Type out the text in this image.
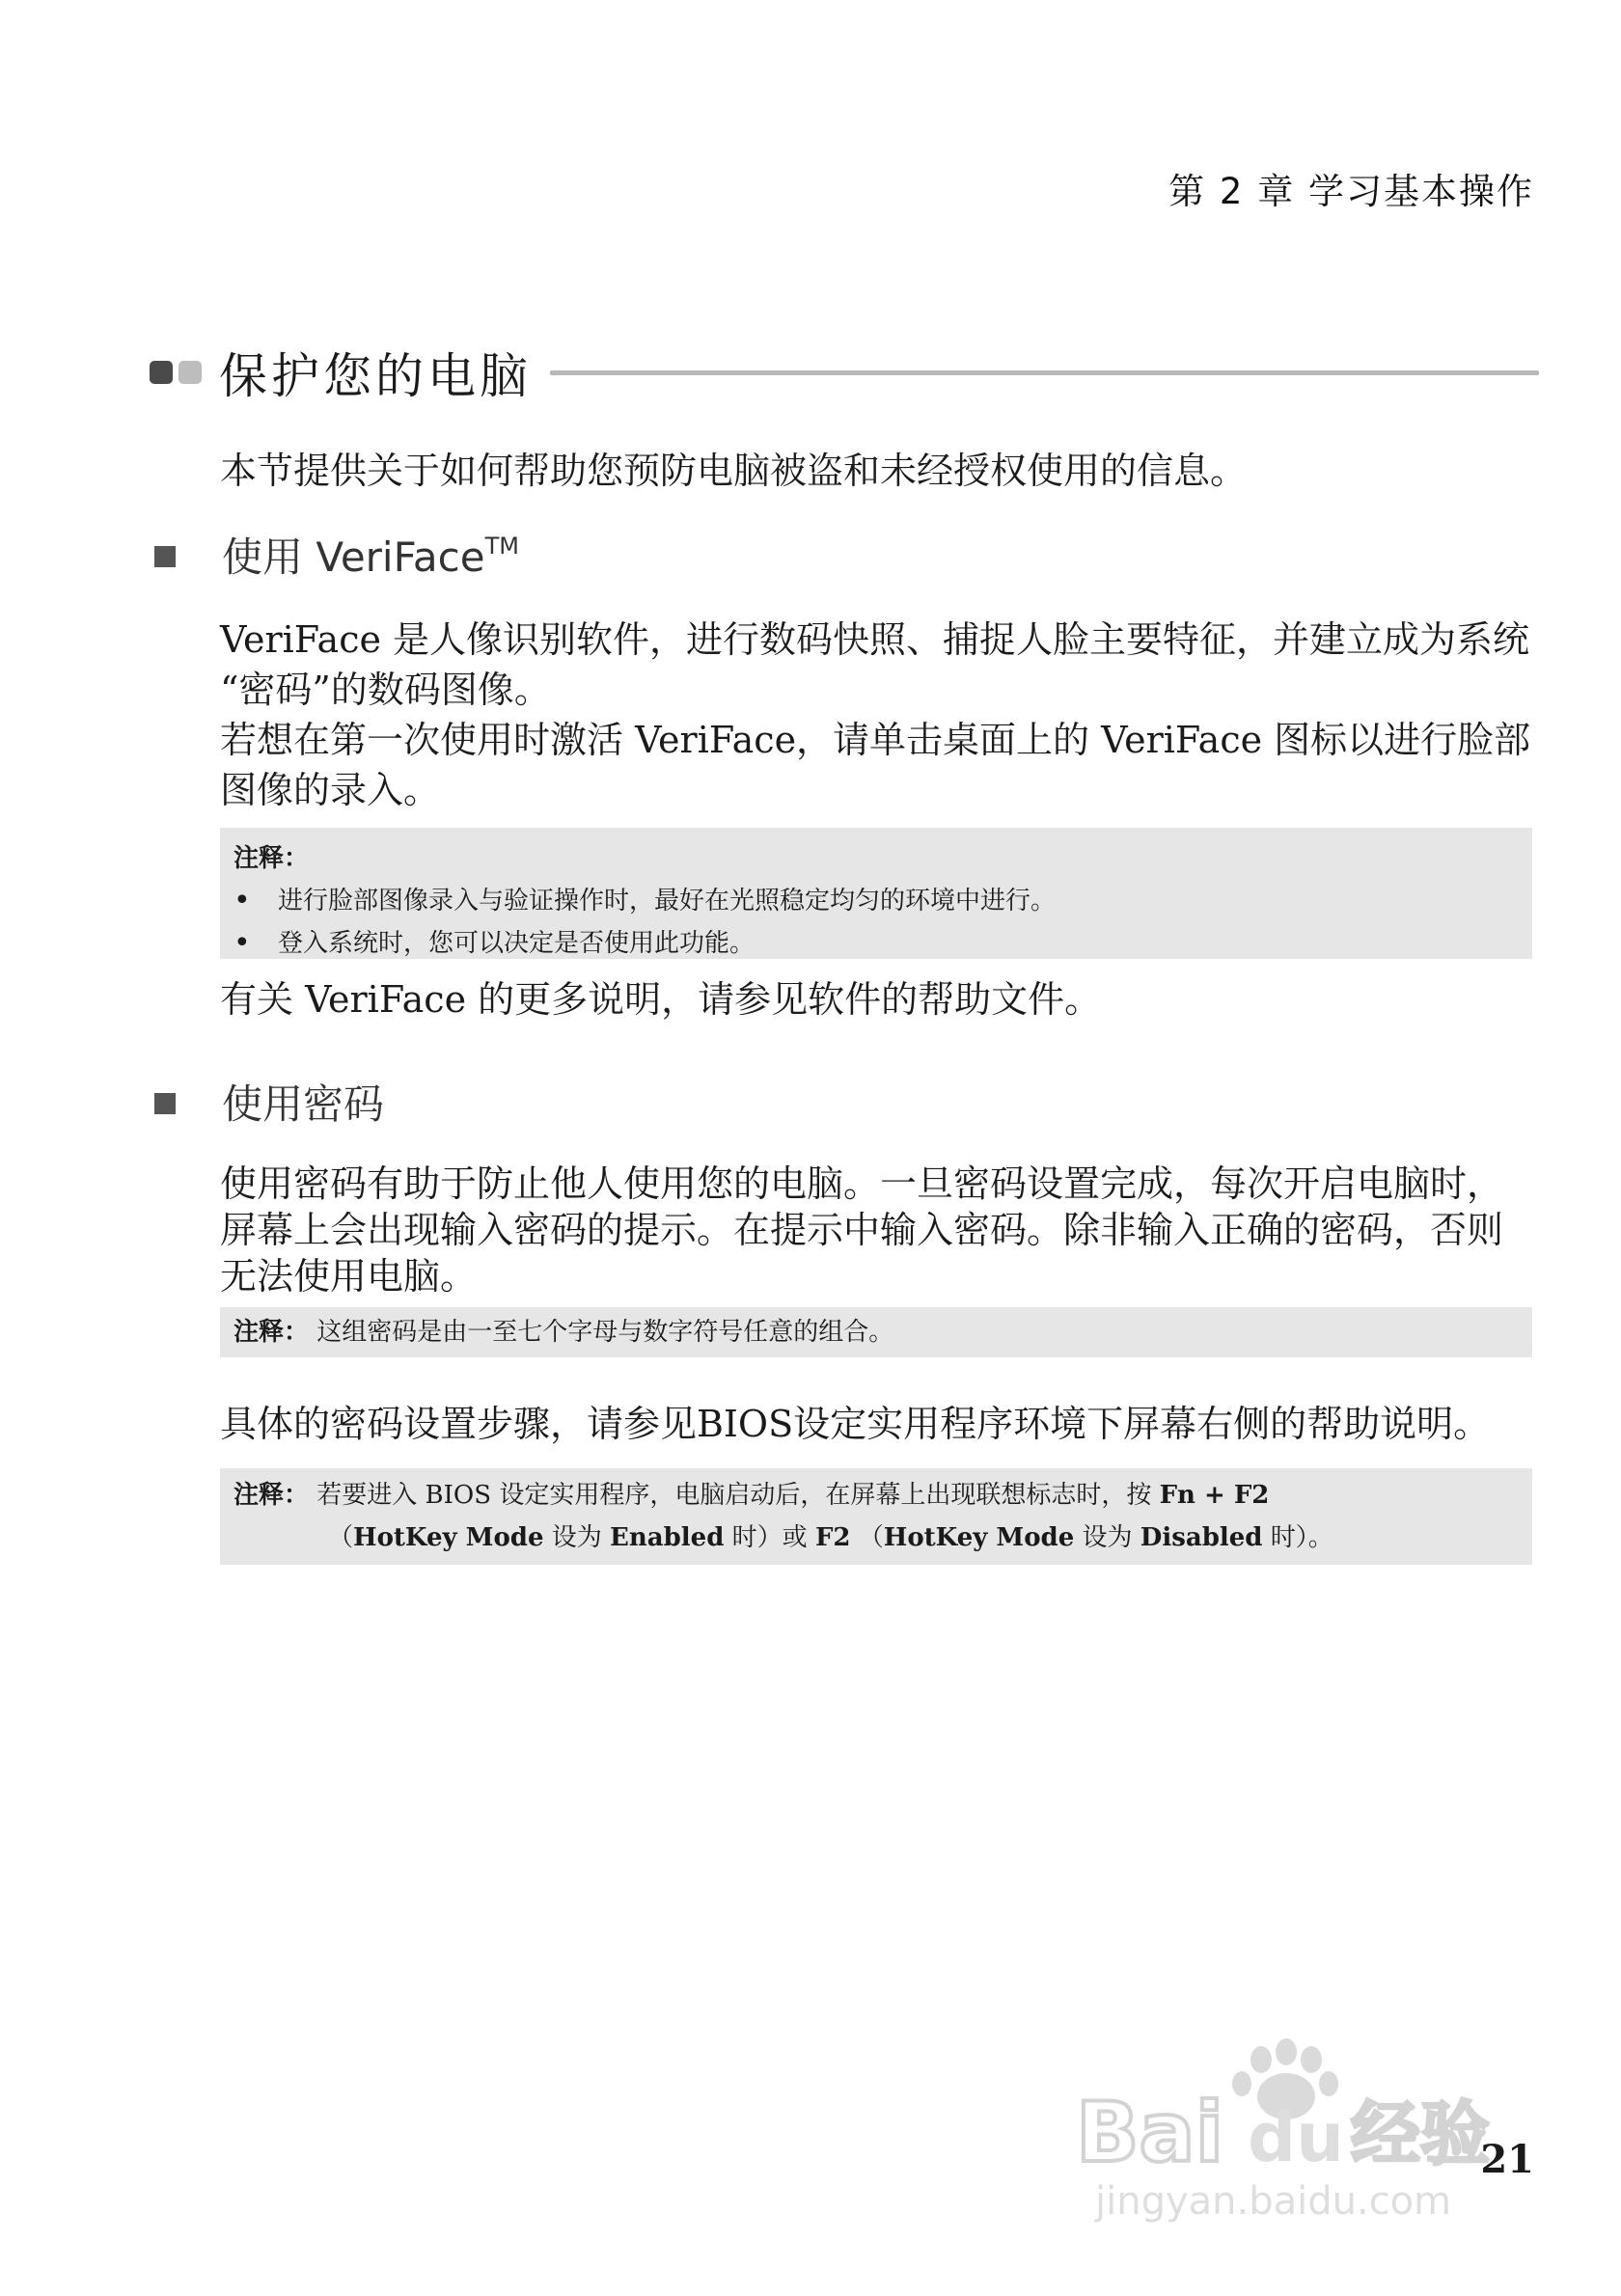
第 2 章 学习基本操作
保护您的电脑
本节提供关于如何帮助您预防电脑被盗和未经授权使用的信息。
使用 VeriFace™
VeriFace 是人像识别软件，进行数码快照、捕捉人脸主要特征，并建立成为系统 “密码”的数码图像。
若想在第一次使用时激活 VeriFace，请单击桌面上的 VeriFace 图标以进行脸部图像的录入。
注释：
• 进行脸部图像录入与验证操作时，最好在光照稳定均匀的环境中进行。
• 登入系统时，您可以决定是否使用此功能。
有关 VeriFace 的更多说明，请参见软件的帮助文件。
使用密码
使用密码有助于防止他人使用您的电脑。一旦密码设置完成，每次开启电脑时，屏幕上会出现输入密码的提示。在提示中输入密码。除非输入正确的密码，否则无法使用电脑。
注释： 这组密码是由一至七个字母与数字符号任意的组合。
具体的密码设置步骤，请参见BIOS设定实用程序环境下屏幕右侧的帮助说明。
注释： 若要进入 BIOS 设定实用程序，电脑启动后，在屏幕上出现联想标志时，按 Fn + F2
（HotKey Mode 设为 Enabled 时）或 F2 （HotKey Mode 设为 Disabled 时）。
Bai du 经验
jingyan.baidu.com
21
